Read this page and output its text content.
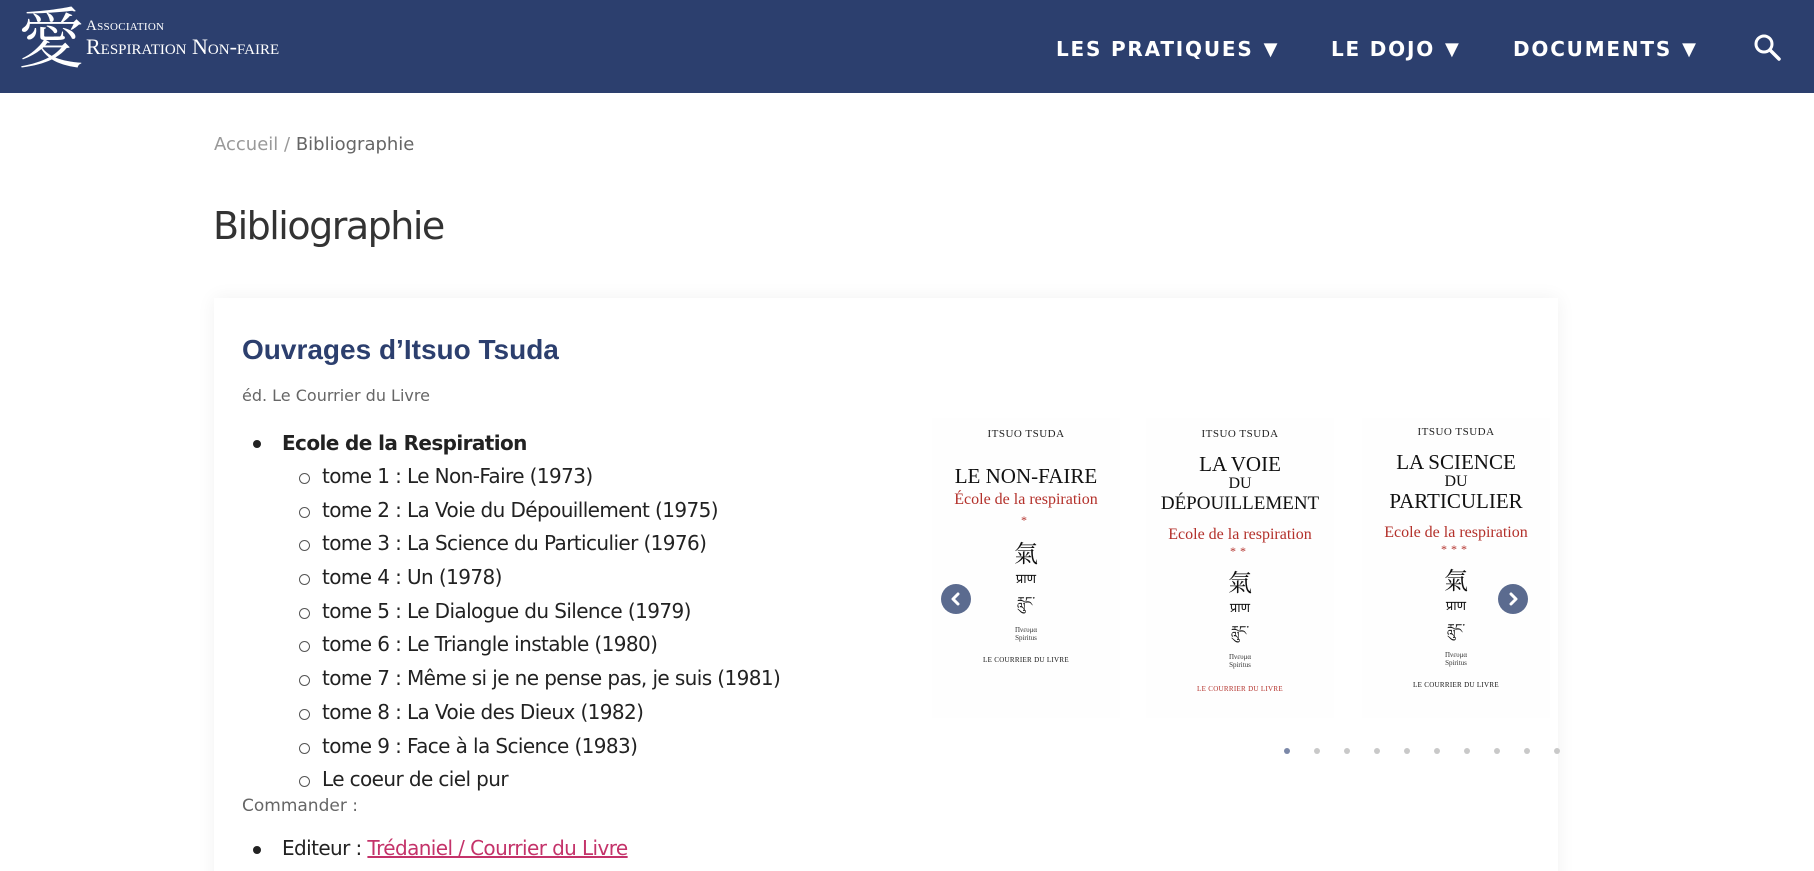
愛 Association
Respiration Non-faire	LES PRATIQUES ▼	LE DOJO ▼	DOCUMENTS ▼
Accueil / Bibliographie
Bibliographie
Ouvrages d’Itsuo Tsuda

éd. Le Courrier du Livre

Ecole de la Respiration
tome 1 : Le Non-Faire (1973)
tome 2 : La Voie du Dépouillement (1975)
tome 3 : La Science du Particulier (1976)
tome 4 : Un (1978)
tome 5 : Le Dialogue du Silence (1979)
tome 6 : Le Triangle instable (1980)
tome 7 : Même si je ne pense pas, je suis (1981)
tome 8 : La Voie des Dieux (1982)
tome 9 : Face à la Science (1983)
Le coeur de ciel pur

Commander :

Editeur : Trédaniel / Courrier du Livre
ITSUO TSUDA
LE NON-FAIRE
École de la respiration
*
氣
प्राण
རླུང་
Πνευμα
Spiritus
LE COURRIER DU LIVRE
ITSUO TSUDA
LA VOIE
DU
DÉPOUILLEMENT
Ecole de la respiration
**
氣
प्राण
རླུང་
Πνευμα
Spiritus
LE COURRIER DU LIVRE
ITSUO TSUDA
LA SCIENCE
DU
PARTICULIER
Ecole de la respiration
***
氣
प्राण
རླུང་
Πνευμα
Spiritus
LE COURRIER DU LIVRE
